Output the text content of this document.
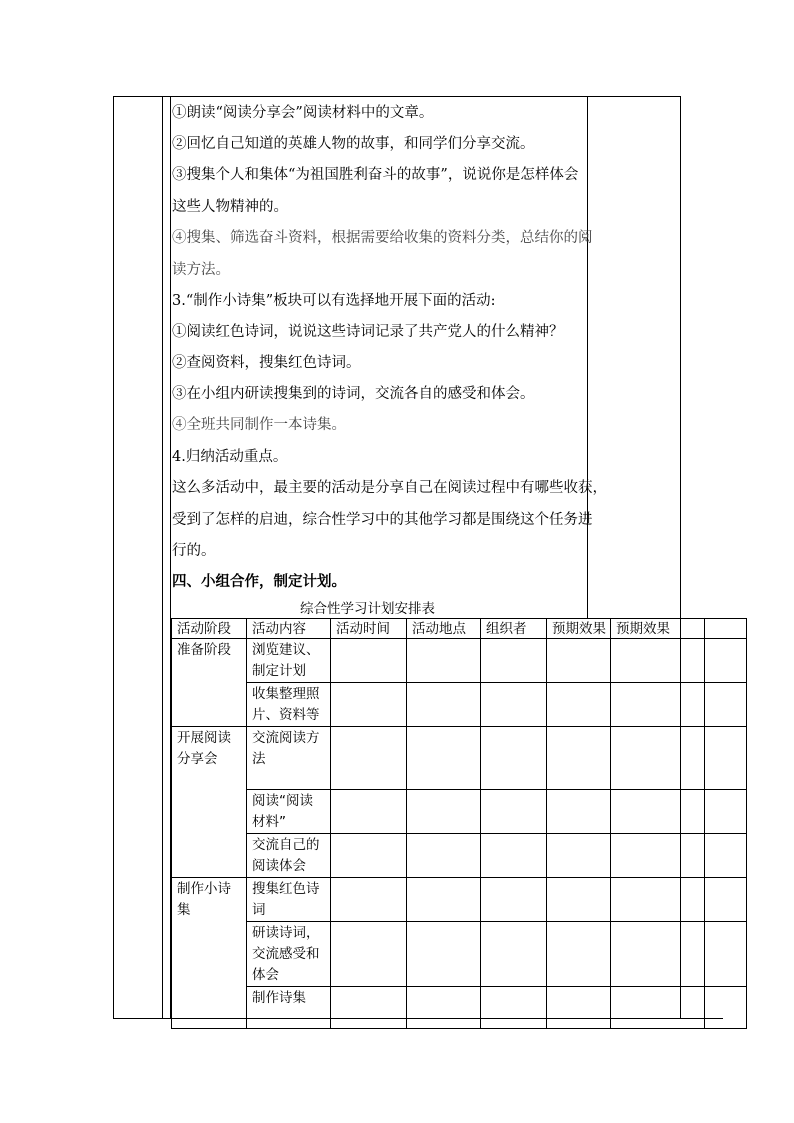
①朗读“阅读分享会”阅读材料中的文章。
②回忆自己知道的英雄人物的故事，和同学们分享交流。
③搜集个人和集体“为祖国胜利奋斗的故事”，说说你是怎样体会
这些人物精神的。
④搜集、筛选奋斗资料，根据需要给收集的资料分类，总结你的阅
读方法。
3.“制作小诗集”板块可以有选择地开展下面的活动:
①阅读红色诗词，说说这些诗词记录了共产党人的什么精神？
②查阅资料，搜集红色诗词。
③在小组内研读搜集到的诗词，交流各自的感受和体会。
④全班共同制作一本诗集。
4.归纳活动重点。
这么多活动中，最主要的活动是分享自己在阅读过程中有哪些收获，
受到了怎样的启迪，综合性学习中的其他学习都是围绕这个任务进
行的。
四、小组合作，制定计划。
综合性学习计划安排表
活动阶段	活动内容	活动时间	活动地点	组织者	预期效果	预期效果	
准备阶段	浏览建议、制定计划						
	收集整理照片、资料等						
开展阅读分享会	交流阅读方法						
	阅读“阅读材料”						
	交流自己的阅读体会						
制作小诗集	搜集红色诗词						
	研读诗词，交流感受和体会						
	制作诗集						
